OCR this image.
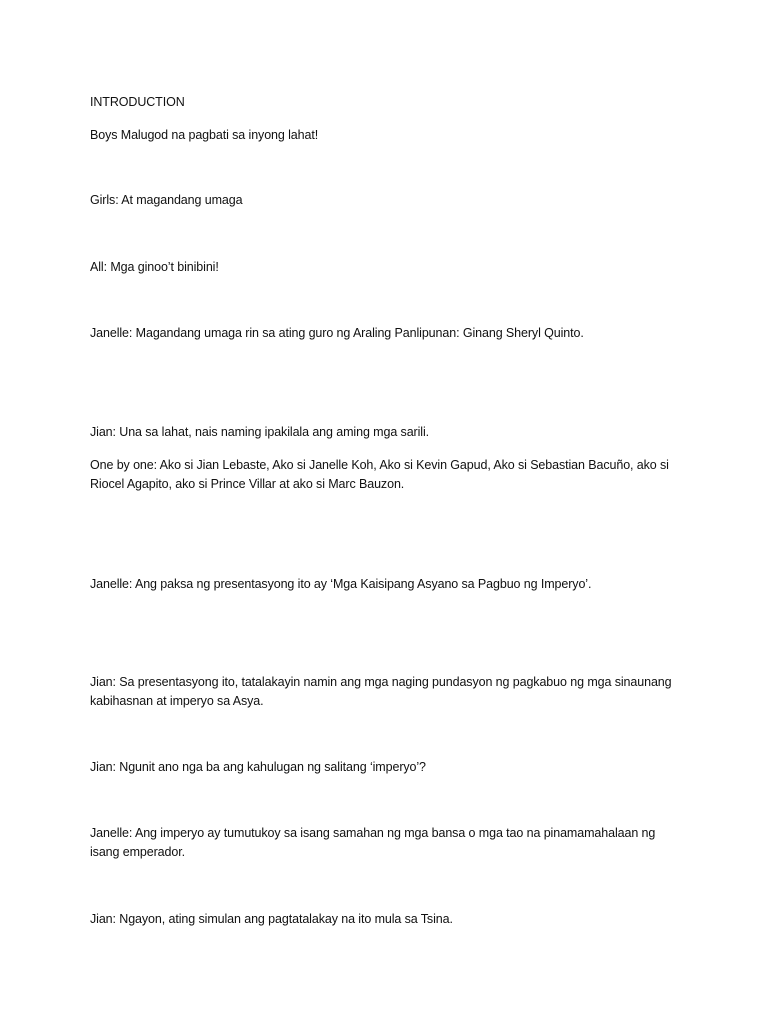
INTRODUCTION

Boys Malugod na pagbati sa inyong lahat!

Girls: At magandang umaga

All: Mga ginoo’t binibini!

Janelle: Magandang umaga rin sa ating guro ng Araling Panlipunan: Ginang Sheryl Quinto.

Jian: Una sa lahat, nais naming ipakilala ang aming mga sarili.

One by one: Ako si Jian Lebaste, Ako si Janelle Koh, Ako si Kevin Gapud, Ako si Sebastian Bacuño, ako si Riocel Agapito, ako si Prince Villar at ako si Marc Bauzon.

Janelle: Ang paksa ng presentasyong ito ay ‘Mga Kaisipang Asyano sa Pagbuo ng Imperyo’.

Jian: Sa presentasyong ito, tatalakayin namin ang mga naging pundasyon ng pagkabuo ng mga sinaunang kabihasnan at imperyo sa Asya.

Jian: Ngunit ano nga ba ang kahulugan ng salitang ‘imperyo’?

Janelle: Ang imperyo ay tumutukoy sa isang samahan ng mga bansa o mga tao na pinamamahalaan ng isang emperador.

Jian: Ngayon, ating simulan ang pagtatalakay na ito mula sa Tsina.
